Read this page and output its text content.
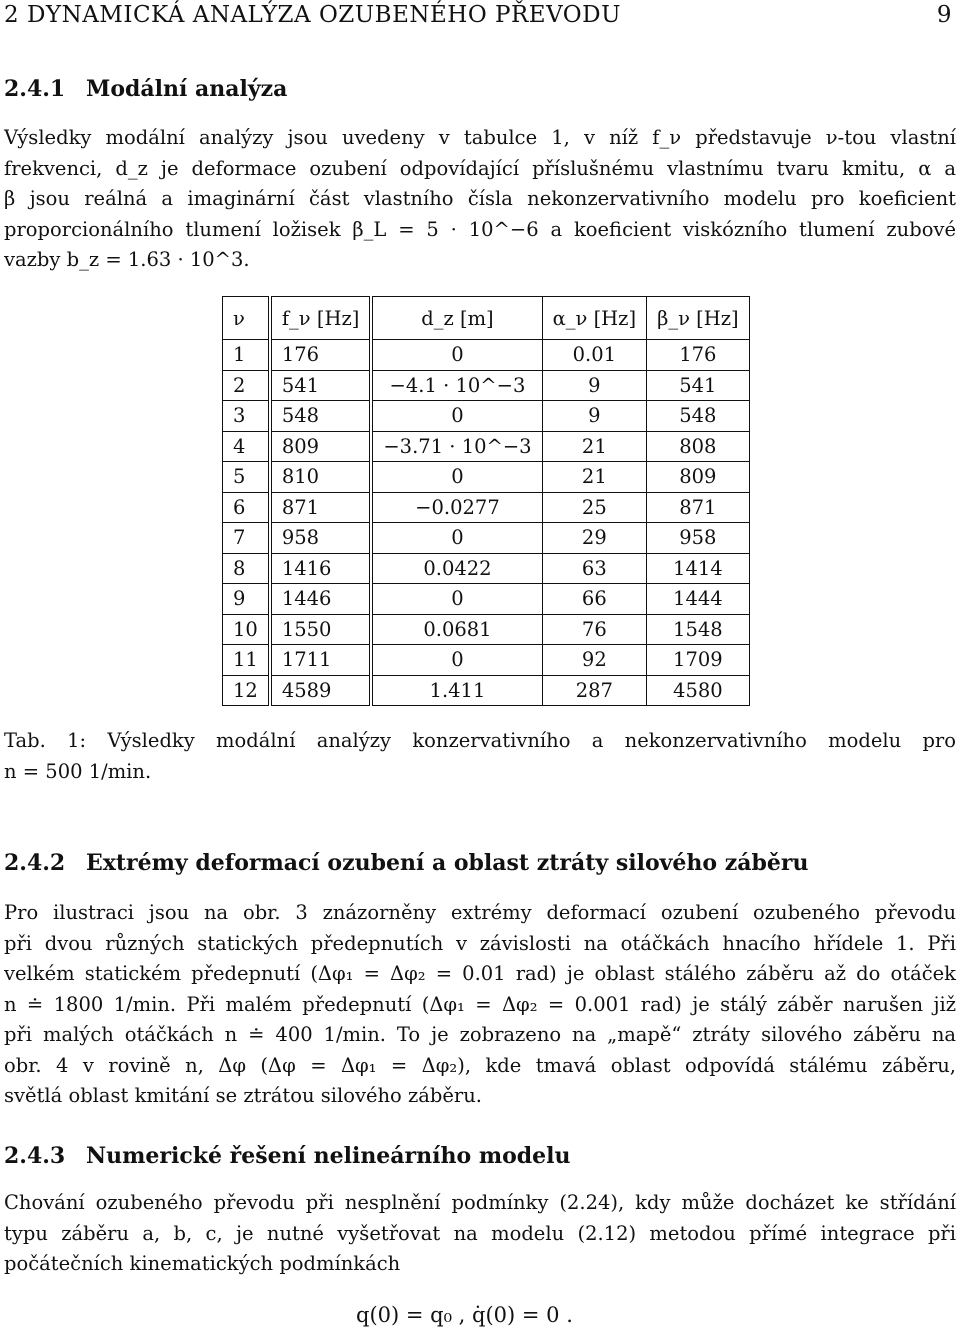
2 DYNAMICKÁ ANALÝZA OZUBENÉHO PŘEVODU	9
2.4.1 Modální analýza
Výsledky modální analýzy jsou uvedeny v tabulce 1, v níž f_ν představuje ν-tou vlastní
frekvenci, d_z je deformace ozubení odpovídající příslušnému vlastnímu tvaru kmitu, α a
β jsou reálná a imaginární část vlastního čísla nekonzervativního modelu pro koeficient
proporcionálního tlumení ložisek β_L = 5 · 10^−6 a koeficient viskózního tlumení zubové
vazby b_z = 1.63 · 10^3.
ν	f_ν [Hz]	d_z [m]	α_ν [Hz]	β_ν [Hz]
1	176	0	0.01	176
2	541	−4.1 · 10^−3	9	541
3	548	0	9	548
4	809	−3.71 · 10^−3	21	808
5	810	0	21	809
6	871	−0.0277	25	871
7	958	0	29	958
8	1416	0.0422	63	1414
9	1446	0	66	1444
10	1550	0.0681	76	1548
11	1711	0	92	1709
12	4589	1.411	287	4580
Tab. 1: Výsledky modální analýzy konzervativního a nekonzervativního modelu pro
n = 500 1/min.
2.4.2 Extrémy deformací ozubení a oblast ztráty silového záběru
Pro ilustraci jsou na obr. 3 znázorněny extrémy deformací ozubení ozubeného převodu
při dvou různých statických předepnutích v závislosti na otáčkách hnacího hřídele 1. Při
velkém statickém předepnutí (Δφ₁ = Δφ₂ = 0.01 rad) je oblast stálého záběru až do otáček
n ≐ 1800 1/min. Při malém předepnutí (Δφ₁ = Δφ₂ = 0.001 rad) je stálý záběr narušen již
při malých otáčkách n ≐ 400 1/min. To je zobrazeno na „mapě“ ztráty silového záběru na
obr. 4 v rovině n, Δφ (Δφ = Δφ₁ = Δφ₂), kde tmavá oblast odpovídá stálému záběru,
světlá oblast kmitání se ztrátou silového záběru.
2.4.3 Numerické řešení nelineárního modelu
Chování ozubeného převodu při nesplnění podmínky (2.24), kdy může docházet ke střídání
typu záběru a, b, c, je nutné vyšetřovat na modelu (2.12) metodou přímé integrace při
počátečních kinematických podmínkách
q(0) = q₀ , q̇(0) = 0 .
